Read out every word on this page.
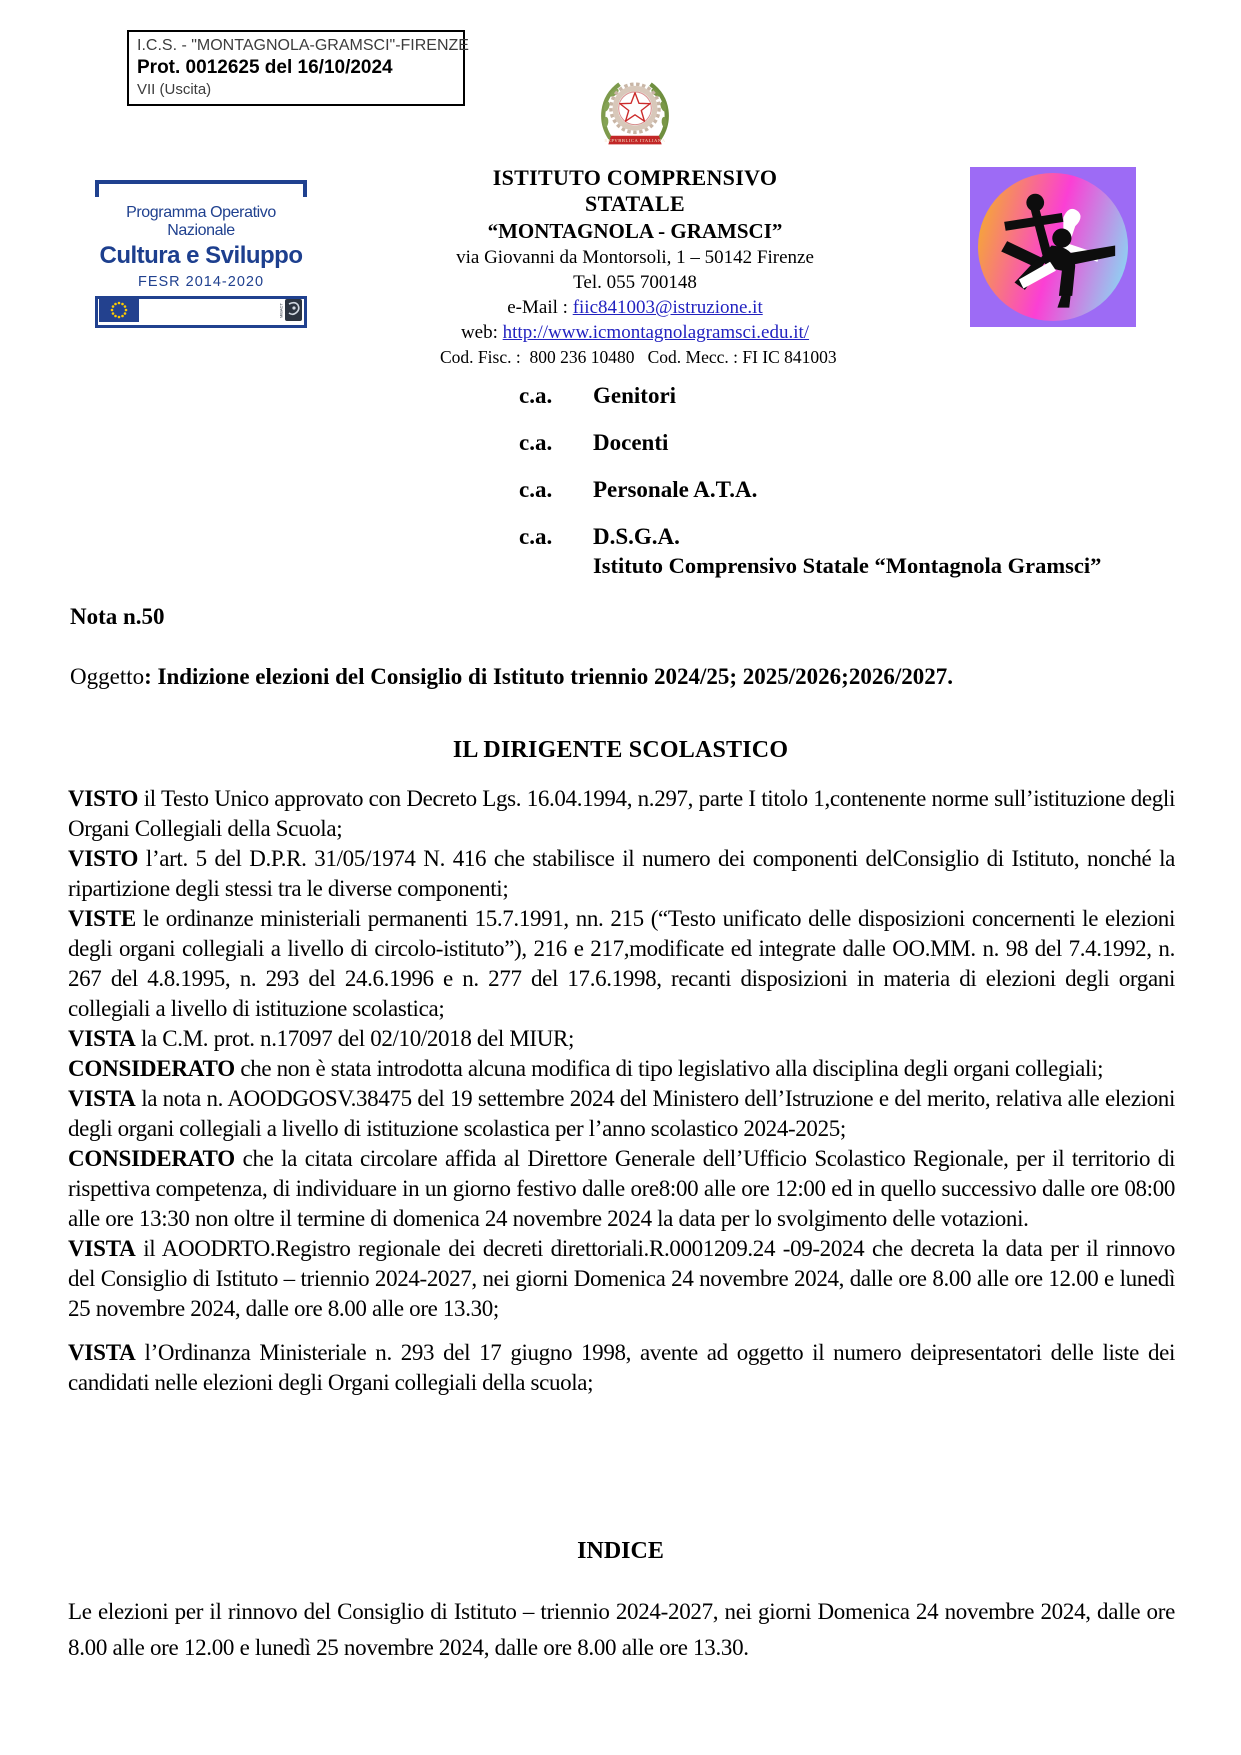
I.C.S. - "MONTAGNOLA-GRAMSCI"-FIRENZE
Prot. 0012625 del 16/10/2024
VII (Uscita)
Programma Operativo Nazionale
Cultura e Sviluppo
FESR 2014-2020
MiBACT
REPVBBLICA ITALIANA
ISTITUTO COMPRENSIVO STATALE
“MONTAGNOLA - GRAMSCI”
via Giovanni da Montorsoli, 1 – 50142 Firenze
Tel. 055 700148
e-Mail : fiic841003@istruzione.it
web: http://www.icmontagnolagramsci.edu.it/
Cod. Fisc. :  800 236 10480   Cod. Mecc. : FI IC 841003
c.a. Genitori
c.a. Docenti
c.a. Personale A.T.A.
c.a. D.S.G.A.
Istituto Comprensivo Statale “Montagnola Gramsci”
Nota n.50
Oggetto: Indizione elezioni del Consiglio di Istituto triennio 2024/25; 2025/2026;2026/2027.
IL DIRIGENTE SCOLASTICO

VISTO il Testo Unico approvato con Decreto Lgs. 16.04.1994, n.297, parte I titolo 1,contenente norme sull’istituzione degli Organi Collegiali della Scuola;

VISTO l’art. 5 del D.P.R. 31/05/1974 N. 416 che stabilisce il numero dei componenti delConsiglio di Istituto, nonché la ripartizione degli stessi tra le diverse componenti;

VISTE le ordinanze ministeriali permanenti 15.7.1991, nn. 215 (“Testo unificato delle disposizioni concernenti le elezioni degli organi collegiali a livello di circolo-istituto”), 216 e 217,modificate ed integrate dalle OO.MM. n. 98 del 7.4.1992, n. 267 del 4.8.1995, n. 293 del 24.6.1996 e n. 277 del 17.6.1998, recanti disposizioni in materia di elezioni degli organi collegiali a livello di istituzione scolastica;

VISTA la C.M. prot. n.17097 del 02/10/2018 del MIUR;

CONSIDERATO che non è stata introdotta alcuna modifica di tipo legislativo alla disciplina degli organi collegiali;

VISTA la nota n. AOODGOSV.38475 del 19 settembre 2024 del Ministero dell’Istruzione e del merito, relativa alle elezioni degli organi collegiali a livello di istituzione scolastica per l’anno scolastico 2024-2025;

CONSIDERATO che la citata circolare affida al Direttore Generale dell’Ufficio Scolastico Regionale, per il territorio di rispettiva competenza, di individuare in un giorno festivo dalle ore8:00 alle ore 12:00 ed in quello successivo dalle ore 08:00 alle ore 13:30 non oltre il termine di domenica 24 novembre 2024 la data per lo svolgimento delle votazioni.

VISTA il AOODRTO.Registro regionale dei decreti direttoriali.R.0001209.24 -09-2024 che decreta la data per il rinnovo del Consiglio di Istituto – triennio 2024-2027, nei giorni Domenica 24 novembre 2024, dalle ore 8.00 alle ore 12.00 e lunedì 25 novembre 2024, dalle ore 8.00 alle ore 13.30;

VISTA l’Ordinanza Ministeriale n. 293 del 17 giugno 1998, avente ad oggetto il numero deipresentatori delle liste dei candidati nelle elezioni degli Organi collegiali della scuola;

INDICE
Le elezioni per il rinnovo del Consiglio di Istituto – triennio 2024-2027, nei giorni Domenica 24 novembre 2024, dalle ore 8.00 alle ore 12.00 e lunedì 25 novembre 2024, dalle ore 8.00 alle ore 13.30.
